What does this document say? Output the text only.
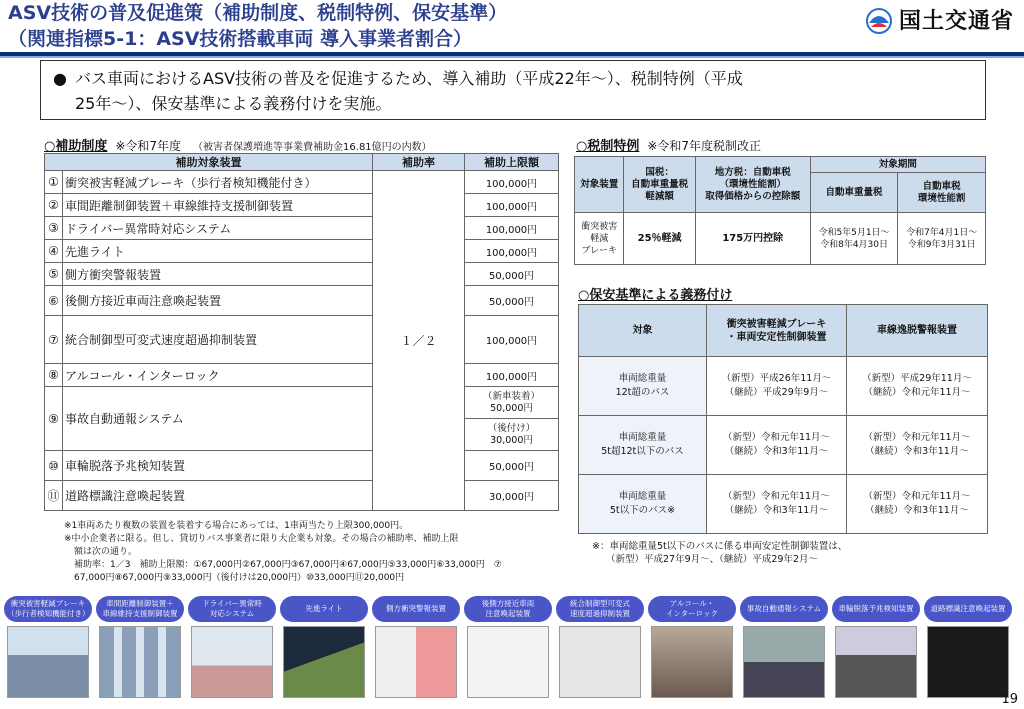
ASV技術の普及促進策（補助制度、税制特例、保安基準）
（関連指標5-1：ASV技術搭載車両 導入事業者割合）
国土交通省
● バス車両におけるASV技術の普及を促進するため、導入補助（平成22年～）、税制特例（平成
25年～）、保安基準による義務付けを実施。
○補助制度 ※令和7年度 （被害者保護増進等事業費補助金16.81億円の内数）
補助対象装置		補助率	補助上限額
①	衝突被害軽減ブレーキ（歩行者検知機能付き）	１／２	100,000円
②	車間距離制御装置＋車線維持支援制御装置		100,000円
③	ドライバー異常時対応システム		100,000円
④	先進ライト		100,000円
⑤	側方衝突警報装置		50,000円
⑥	後側方接近車両注意喚起装置		50,000円
⑦	統合制御型可変式速度超過抑制装置		100,000円
⑧	アルコール・インターロック		100,000円
⑨	事故自動通報システム		（新車装着）
50,000円

			（後付け）
30,000円

⑩	車輪脱落予兆検知装置		50,000円
⑪	道路標識注意喚起装置		30,000円
※1車両あたり複数の装置を装着する場合にあっては、1車両当たり上限300,000円。
※中小企業者に限る。但し、貸切りバス事業者に限り大企業も対象。その場合の補助率、補助上限
額は次の通り。
補助率：1／3　補助上限額：①67,000円②67,000円③67,000円④67,000円⑤33,000円⑥33,000円　⑦
67,000円⑧67,000円⑨33,000円（後付けは20,000円）⑩33,000円⑪20,000円
○税制特例 ※令和7年度税制改正
対象装置	国税：
自動車重量税
軽減額	地方税：自動車税
（環境性能割）
取得価格からの控除額	対象期間	
			自動車重量税	自動車税
環境性能割
衝突被害
軽減
ブレーキ	25％軽減	175万円控除	令和5年5月1日～
令和8年4月30日	令和7年4月1日～
令和9年3月31日
○保安基準による義務付け
対象	衝突被害軽減ブレーキ
・車両安定性制御装置	車線逸脱警報装置
車両総重量
12t超のバス	（新型）平成26年11月～
（継続）平成29年9月～	（新型）平成29年11月～
（継続）令和元年11月～
車両総重量
5t超12t以下のバス	（新型）令和元年11月～
（継続）令和3年11月～	（新型）令和元年11月～
（継続）令和3年11月～
車両総重量
5t以下のバス※	（新型）令和元年11月～
（継続）令和3年11月～	（新型）令和元年11月～
（継続）令和3年11月～
※：車両総重量5t以下のバスに係る車両安定性制御装置は、
（新型）平成27年9月～、（継続）平成29年2月～
衝突被害軽減ブレーキ
（歩行者検知機能付き）
車間距離制御装置＋
車線維持支援制御装置
ドライバー異常時
対応システム
先進ライト	側方衝突警報装置
後側方接近車両
注意喚起装置
統合制御型可変式
速度超過抑制装置
アルコール・
インターロック
事故自動通報システム	車輪脱落予兆検知装置	道路標識注意喚起装置
19
